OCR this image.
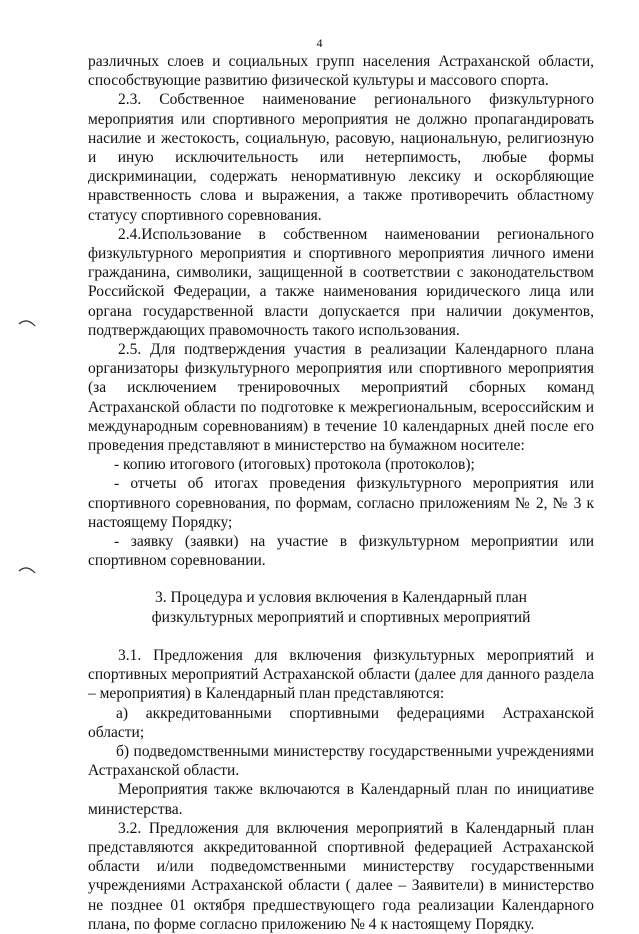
4

различных слоев и социальных групп населения Астраханской области, способствующие развитию физической культуры и массового спорта.

2.3. Собственное наименование регионального физкультурного мероприятия или спортивного мероприятия не должно пропагандировать насилие и жестокость, социальную, расовую, национальную, религиозную и иную исключительность или нетерпимость, любые формы дискриминации, содержать ненормативную лексику и оскорбляющие нравственность слова и выражения, а также противоречить областному статусу спортивного соревнования.

2.4.Использование в собственном наименовании регионального физкультурного мероприятия и спортивного мероприятия личного имени гражданина, символики, защищенной в соответствии с законодательством Российской Федерации, а также наименования юридического лица или органа государственной власти допускается при наличии документов, подтверждающих правомочность такого использования.

2.5. Для подтверждения участия в реализации Календарного плана организаторы физкультурного мероприятия или спортивного мероприятия (за исключением тренировочных мероприятий сборных команд Астраханской области по подготовке к межрегиональным, всероссийским и международным соревнованиям) в течение 10 календарных дней после его проведения представляют в министерство на бумажном носителе:

- копию итогового (итоговых) протокола (протоколов);

- отчеты об итогах проведения физкультурного мероприятия или спортивного соревнования, по формам, согласно приложениям № 2, № 3 к настоящему Порядку;

- заявку (заявки) на участие в физкультурном мероприятии или спортивном соревновании.

3. Процедура и условия включения в Календарный план
физкультурных мероприятий и спортивных мероприятий

3.1. Предложения для включения физкультурных мероприятий и спортивных мероприятий Астраханской области (далее для данного раздела – мероприятия) в Календарный план представляются:

а) аккредитованными спортивными федерациями Астраханской области;

б) подведомственными министерству государственными учреждениями Астраханской области.

Мероприятия также включаются в Календарный план по инициативе министерства.

3.2. Предложения для включения мероприятий в Календарный план представляются аккредитованной спортивной федерацией Астраханской области и/или подведомственными министерству государственными учреждениями Астраханской области ( далее – Заявители) в министерство не позднее 01 октября предшествующего года реализации Календарного плана, по форме согласно приложению № 4 к настоящему Порядку.
